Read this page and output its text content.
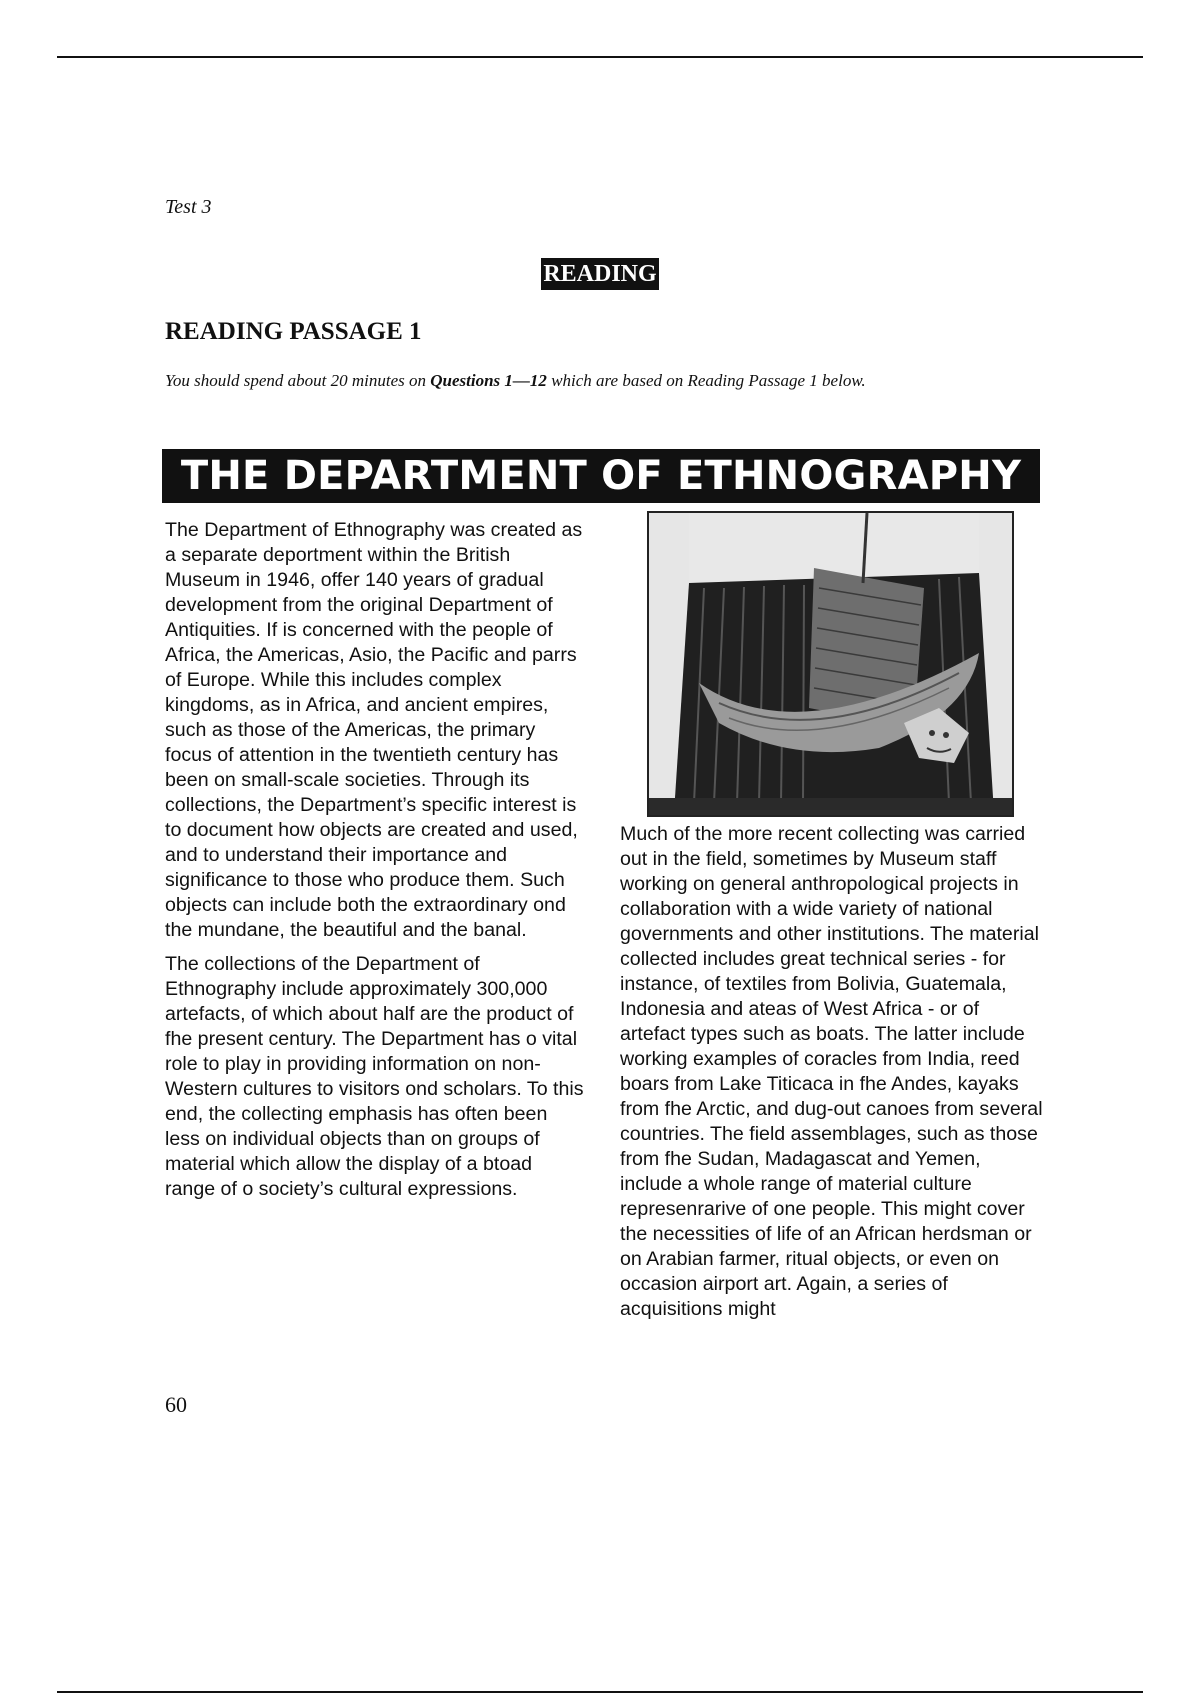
Test 3
READING
READING PASSAGE 1
You should spend about 20 minutes on Questions 1—12 which are based on Reading Passage 1 below.
THE DEPARTMENT OF ETHNOGRAPHY

The Department of Ethnography was created as a separate deportment within the British Museum in 1946, offer 140 years of gradual development from the original Department of Antiquities. If is concerned with the people of Africa, the Americas, Asio, the Pacific and parrs of Europe. While this includes complex kingdoms, as in Africa, and ancient empires, such as those of the Americas, the primary focus of attention in the twentieth century has been on small-scale societies. Through its collections, the Department’s specific interest is to document how objects are created and used, and to understand their importance and significance to those who produce them. Such objects can include both the extraordinary ond the mundane, the beautiful and the banal.

The collections of the Department of Ethnography include approximately 300,000 artefacts, of which about half are the product of fhe present century. The Department has o vital role to play in providing information on non-Western cultures to visitors ond scholars. To this end, the collecting emphasis has often been less on individual objects than on groups of material which allow the display of a btoad range of o society’s cultural expressions.

Much of the more recent collecting was carried out in the field, sometimes by Museum staff working on general anthropological projects in collaboration with a wide variety of national governments and other institutions. The material collected includes great technical series - for instance, of textiles from Bolivia, Guatemala, Indonesia and ateas of West Africa - or of artefact types such as boats. The latter include working examples of coracles from India, reed boars from Lake Titicaca in fhe Andes, kayaks from fhe Arctic, and dug-out canoes from several countries. The field assemblages, such as those from fhe Sudan, Madagascat and Yemen, include a whole range of material culture represenrarive of one people. This might cover the necessities of life of an African herdsman or on Arabian farmer, ritual objects, or even on occasion airport art. Again, a series of acquisitions might

60
